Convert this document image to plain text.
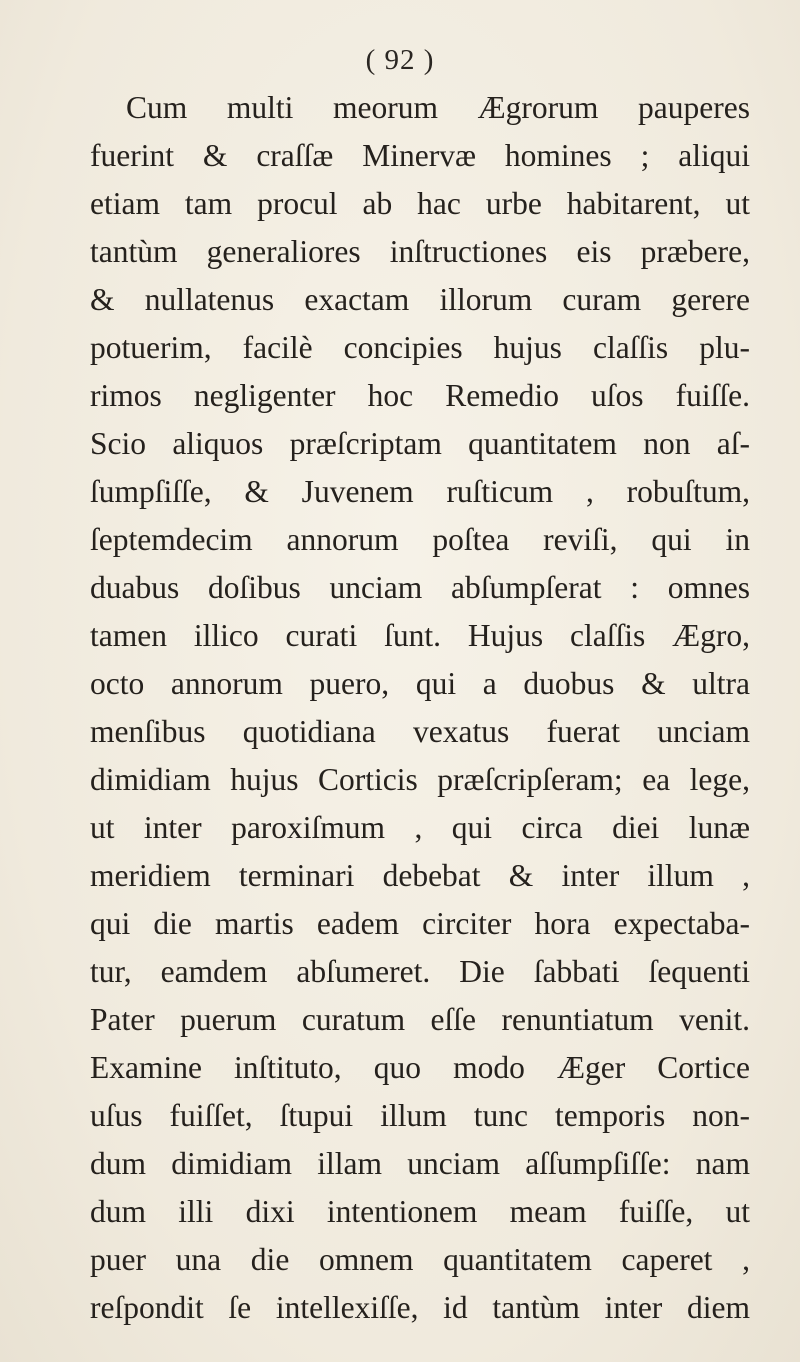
( 92 )
Cum multi meorum Ægrorum pauperes
fuerint & craſſæ Minervæ homines ; aliqui
etiam tam procul ab hac urbe habitarent, ut
tantùm generaliores inſtructiones eis præbere,
& nullatenus exactam illorum curam gerere
potuerim, facilè concipies hujus claſſis plu-
rimos negligenter hoc Remedio uſos fuiſſe.
Scio aliquos præſcriptam quantitatem non aſ-
ſumpſiſſe, & Juvenem ruſticum , robuſtum,
ſeptemdecim annorum poſtea reviſi, qui in
duabus doſibus unciam abſumpſerat : omnes
tamen illico curati ſunt. Hujus claſſis Ægro,
octo annorum puero, qui a duobus & ultra
menſibus quotidiana vexatus fuerat unciam
dimidiam hujus Corticis præſcripſeram; ea lege,
ut inter paroxiſmum , qui circa diei lunæ
meridiem terminari debebat & inter illum ,
qui die martis eadem circiter hora expectaba-
tur, eamdem abſumeret. Die ſabbati ſequenti
Pater puerum curatum eſſe renuntiatum venit.
Examine inſtituto, quo modo Æger Cortice
uſus fuiſſet, ſtupui illum tunc temporis non-
dum dimidiam illam unciam aſſumpſiſſe: nam
dum illi dixi intentionem meam fuiſſe, ut
puer una die omnem quantitatem caperet ,
reſpondit ſe intellexiſſe, id tantùm inter diem
